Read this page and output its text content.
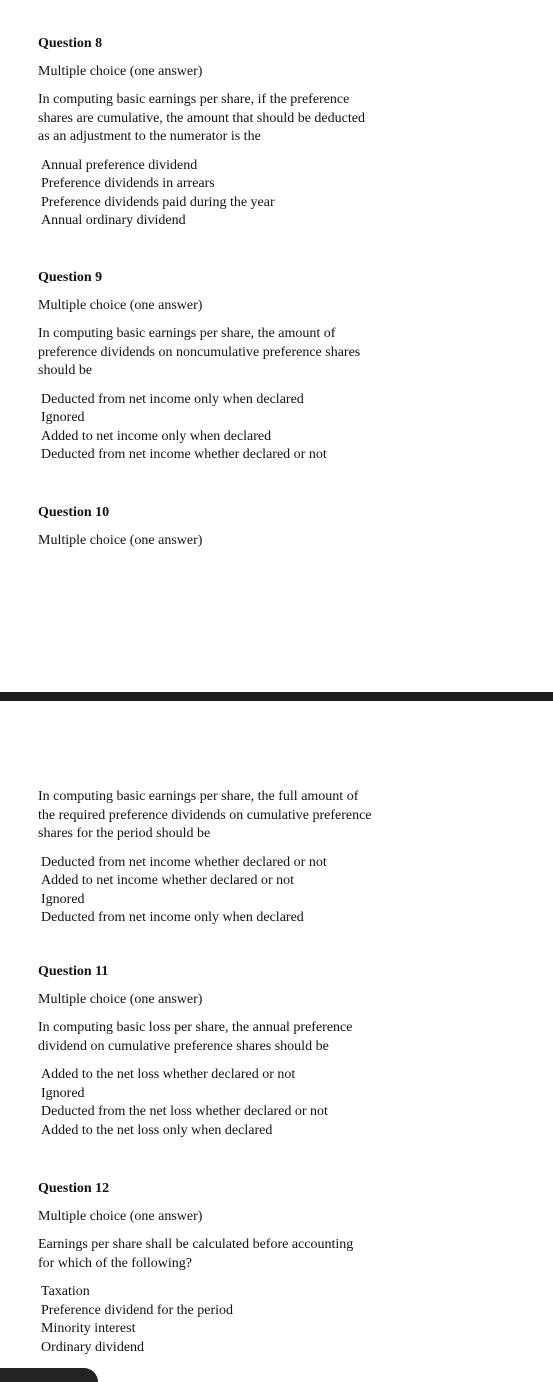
Question 8
Multiple choice (one answer)
In computing basic earnings per share, if the preference shares are cumulative, the amount that should be deducted as an adjustment to the numerator is the
Annual preference dividend
Preference dividends in arrears
Preference dividends paid during the year
Annual ordinary dividend
Question 9
Multiple choice (one answer)
In computing basic earnings per share, the amount of preference dividends on noncumulative preference shares should be
Deducted from net income only when declared
Ignored
Added to net income only when declared
Deducted from net income whether declared or not
Question 10
Multiple choice (one answer)
In computing basic earnings per share, the full amount of the required preference dividends on cumulative preference shares for the period should be
Deducted from net income whether declared or not
Added to net income whether declared or not
Ignored
Deducted from net income only when declared
Question 11
Multiple choice (one answer)
In computing basic loss per share, the annual preference dividend on cumulative preference shares should be
Added to the net loss whether declared or not
Ignored
Deducted from the net loss whether declared or not
Added to the net loss only when declared
Question 12
Multiple choice (one answer)
Earnings per share shall be calculated before accounting for which of the following?
Taxation
Preference dividend for the period
Minority interest
Ordinary dividend
